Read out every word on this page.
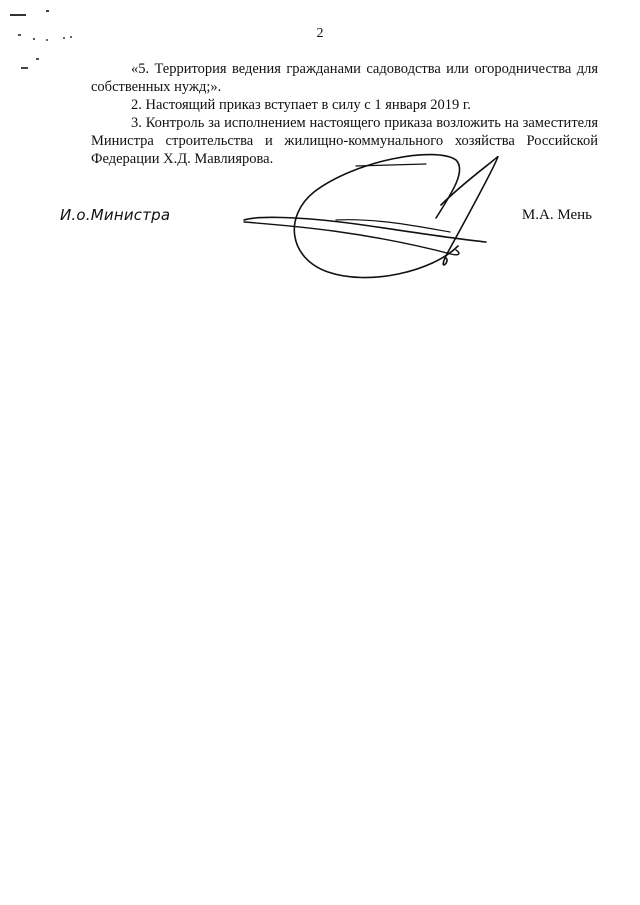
2

«5. Территория ведения гражданами садоводства или огородничества для собственных нужд;».

2. Настоящий приказ вступает в силу с 1 января 2019 г.

3. Контроль за исполнением настоящего приказа возложить на заместителя Министра строительства и жилищно-коммунального хозяйства Российской Федерации Х.Д. Мавлиярова.

И.о.Министра	М.А. Мень
